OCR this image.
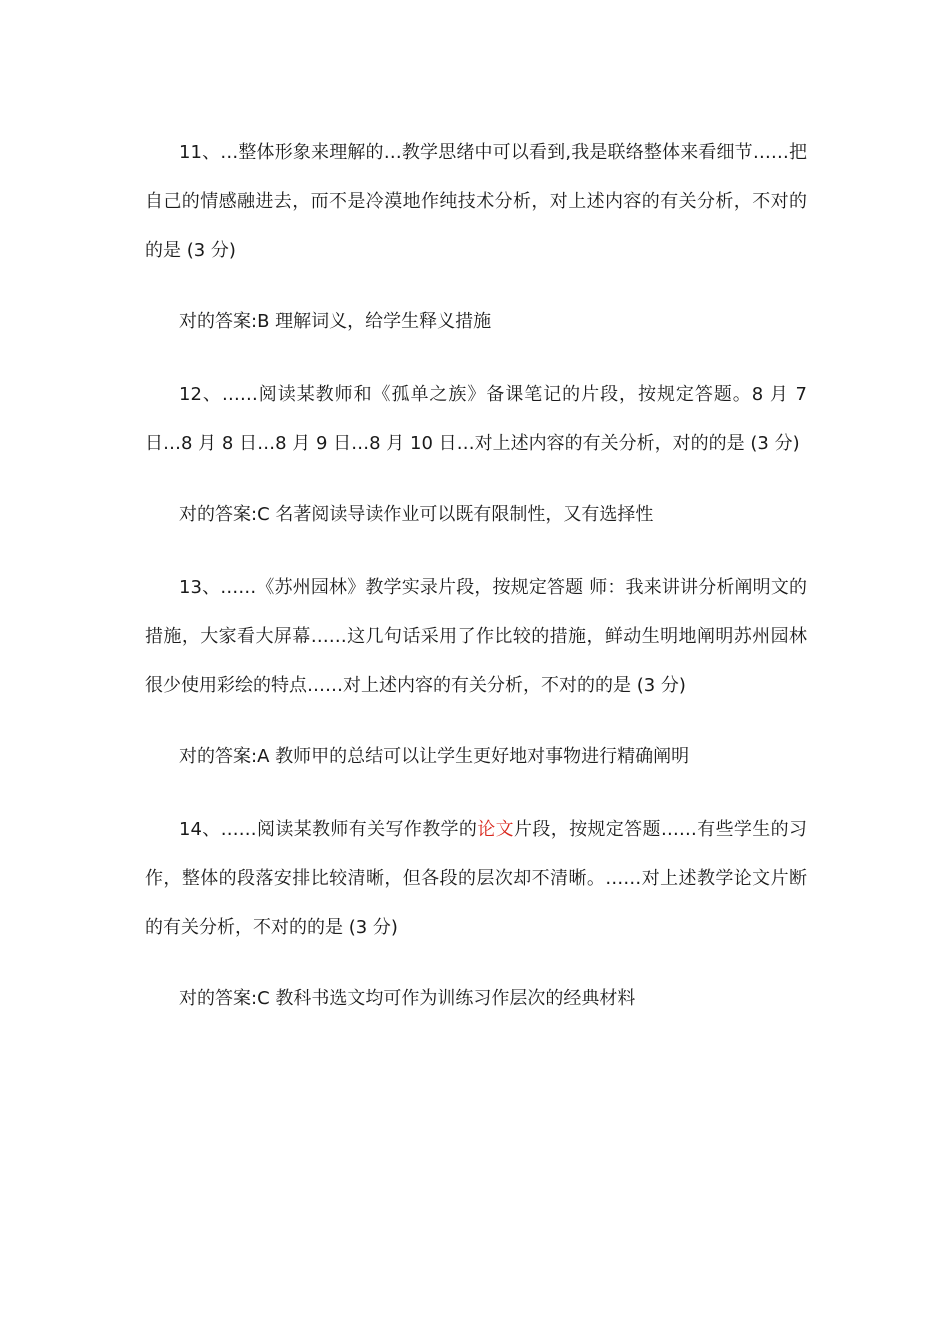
11、…整体形象来理解的…教学思绪中可以看到,我是联络整体来看细节……把自己的情感融进去，而不是冷漠地作纯技术分析，对上述内容的有关分析，不对的的是 (3 分)

对的答案:B 理解词义，给学生释义措施

12、……阅读某教师和《孤单之族》备课笔记的片段，按规定答题。8 月 7 日…8 月 8 日…8 月 9 日…8 月 10 日…对上述内容的有关分析，对的的是 (3 分)

对的答案:C 名著阅读导读作业可以既有限制性，又有选择性

13、……《苏州园林》教学实录片段，按规定答题 师：我来讲讲分析阐明文的措施，大家看大屏幕……这几句话采用了作比较的措施，鲜动生明地阐明苏州园林很少使用彩绘的特点……对上述内容的有关分析，不对的的是 (3 分)

对的答案:A 教师甲的总结可以让学生更好地对事物进行精确阐明

14、……阅读某教师有关写作教学的论文片段，按规定答题……有些学生的习作，整体的段落安排比较清晰，但各段的层次却不清晰。……对上述教学论文片断的有关分析，不对的的是 (3 分)

对的答案:C 教科书选文均可作为训练习作层次的经典材料
